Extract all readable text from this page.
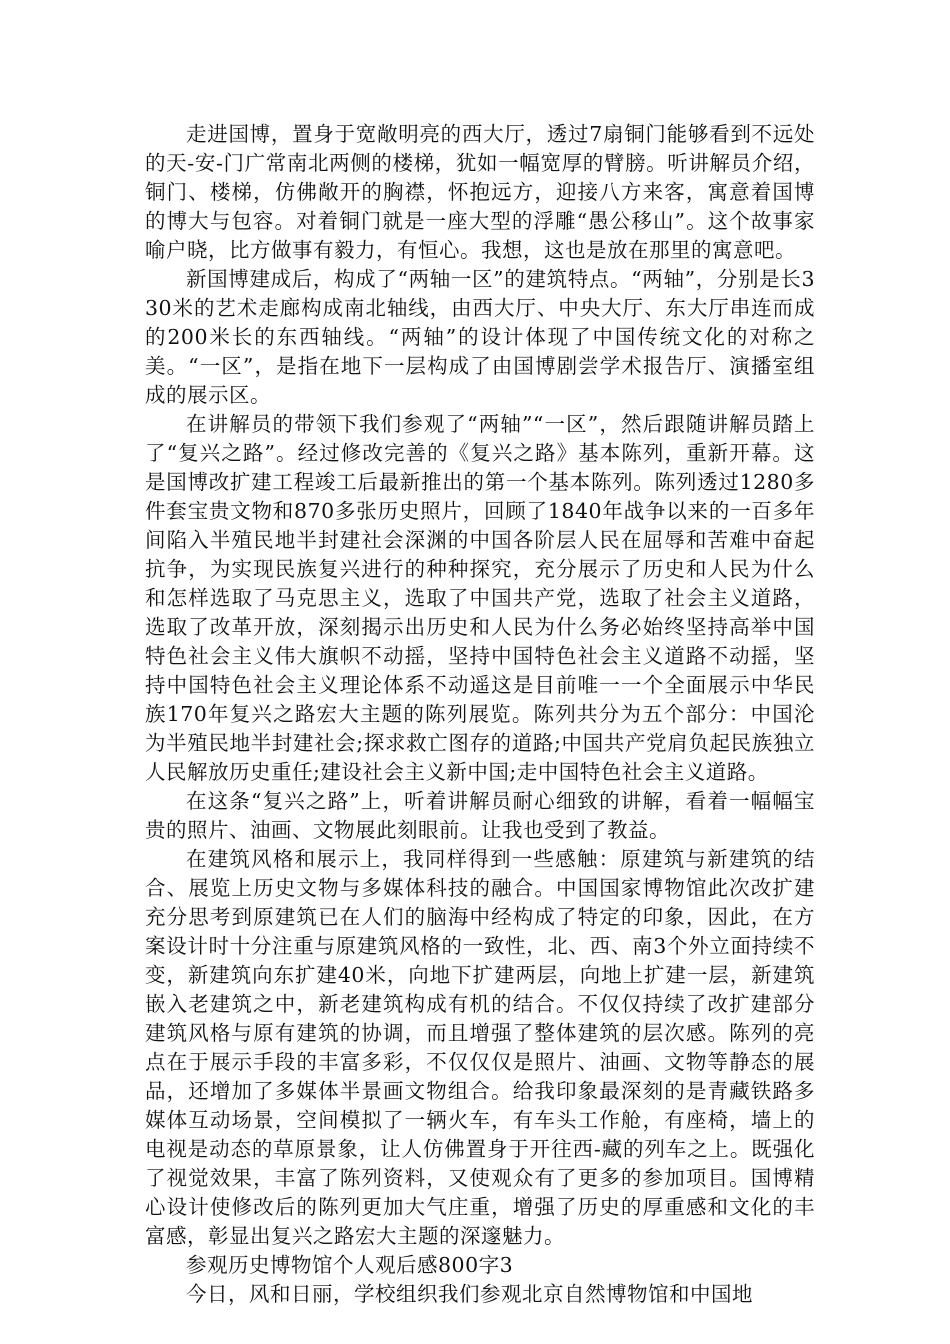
走进国博，置身于宽敞明亮的西大厅，透过7扇铜门能够看到不远处的天-安-门广常南北两侧的楼梯，犹如一幅宽厚的臂膀。听讲解员介绍，铜门、楼梯，仿佛敞开的胸襟，怀抱远方，迎接八方来客，寓意着国博的博大与包容。对着铜门就是一座大型的浮雕“愚公移山”。这个故事家喻户晓，比方做事有毅力，有恒心。我想，这也是放在那里的寓意吧。

新国博建成后，构成了“两轴一区”的建筑特点。“两轴”，分别是长330米的艺术走廊构成南北轴线，由西大厅、中央大厅、东大厅串连而成的200米长的东西轴线。“两轴”的设计体现了中国传统文化的对称之美。“一区”，是指在地下一层构成了由国博剧尝学术报告厅、演播室组成的展示区。

在讲解员的带领下我们参观了“两轴”“一区”，然后跟随讲解员踏上了“复兴之路”。经过修改完善的《复兴之路》基本陈列，重新开幕。这是国博改扩建工程竣工后最新推出的第一个基本陈列。陈列透过1280多件套宝贵文物和870多张历史照片，回顾了1840年战争以来的一百多年间陷入半殖民地半封建社会深渊的中国各阶层人民在屈辱和苦难中奋起抗争，为实现民族复兴进行的种种探究，充分展示了历史和人民为什么和怎样选取了马克思主义，选取了中国共产党，选取了社会主义道路，选取了改革开放，深刻揭示出历史和人民为什么务必始终坚持高举中国特色社会主义伟大旗帜不动摇，坚持中国特色社会主义道路不动摇，坚持中国特色社会主义理论体系不动遥这是目前唯一一个全面展示中华民族170年复兴之路宏大主题的陈列展览。陈列共分为五个部分：中国沦为半殖民地半封建社会;探求救亡图存的道路;中国共产党肩负起民族独立人民解放历史重任;建设社会主义新中国;走中国特色社会主义道路。

在这条“复兴之路”上，听着讲解员耐心细致的讲解，看着一幅幅宝贵的照片、油画、文物展此刻眼前。让我也受到了教益。

在建筑风格和展示上，我同样得到一些感触：原建筑与新建筑的结合、展览上历史文物与多媒体科技的融合。中国国家博物馆此次改扩建充分思考到原建筑已在人们的脑海中经构成了特定的印象，因此，在方案设计时十分注重与原建筑风格的一致性，北、西、南3个外立面持续不变，新建筑向东扩建40米，向地下扩建两层，向地上扩建一层，新建筑嵌入老建筑之中，新老建筑构成有机的结合。不仅仅持续了改扩建部分建筑风格与原有建筑的协调，而且增强了整体建筑的层次感。陈列的亮点在于展示手段的丰富多彩，不仅仅仅是照片、油画、文物等静态的展品，还增加了多媒体半景画文物组合。给我印象最深刻的是青藏铁路多媒体互动场景，空间模拟了一辆火车，有车头工作舱，有座椅，墙上的电视是动态的草原景象，让人仿佛置身于开往西-藏的列车之上。既强化了视觉效果，丰富了陈列资料，又使观众有了更多的参加项目。国博精心设计使修改后的陈列更加大气庄重，增强了历史的厚重感和文化的丰富感，彰显出复兴之路宏大主题的深邃魅力。

参观历史博物馆个人观后感800字3

今日，风和日丽，学校组织我们参观北京自然博物馆和中国地
